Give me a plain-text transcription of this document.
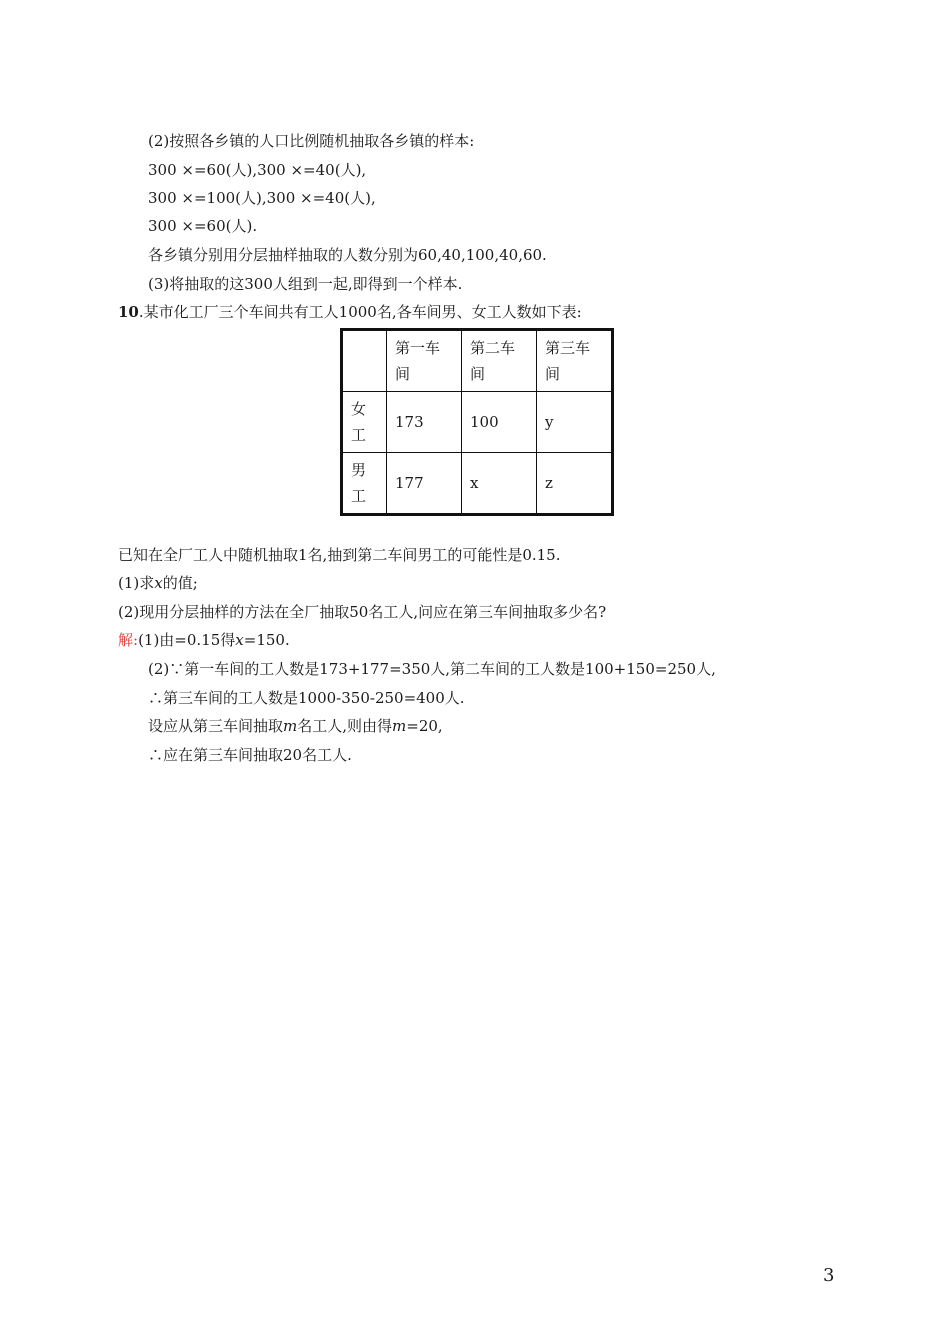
(2)按照各乡镇的人口比例随机抽取各乡镇的样本:
300 ×=60(人),300 ×=40(人),
300 ×=100(人),300 ×=40(人),
300 ×=60(人).
各乡镇分别用分层抽样抽取的人数分别为60,40,100,40,60.
(3)将抽取的这300人组到一起,即得到一个样本.
10.某市化工厂三个车间共有工人1000名,各车间男、女工人数如下表:
	第一车间	第二车间	第三车间
女工	173	100	y
男工	177	x	z
已知在全厂工人中随机抽取1名,抽到第二车间男工的可能性是0.15.
(1)求x的值;
(2)现用分层抽样的方法在全厂抽取50名工人,问应在第三车间抽取多少名?
解:(1)由=0.15得x=150.
(2)∵第一车间的工人数是173+177=350人,第二车间的工人数是100+150=250人,
∴第三车间的工人数是1000-350-250=400人.
设应从第三车间抽取m名工人,则由得m=20,
∴应在第三车间抽取20名工人.
3
